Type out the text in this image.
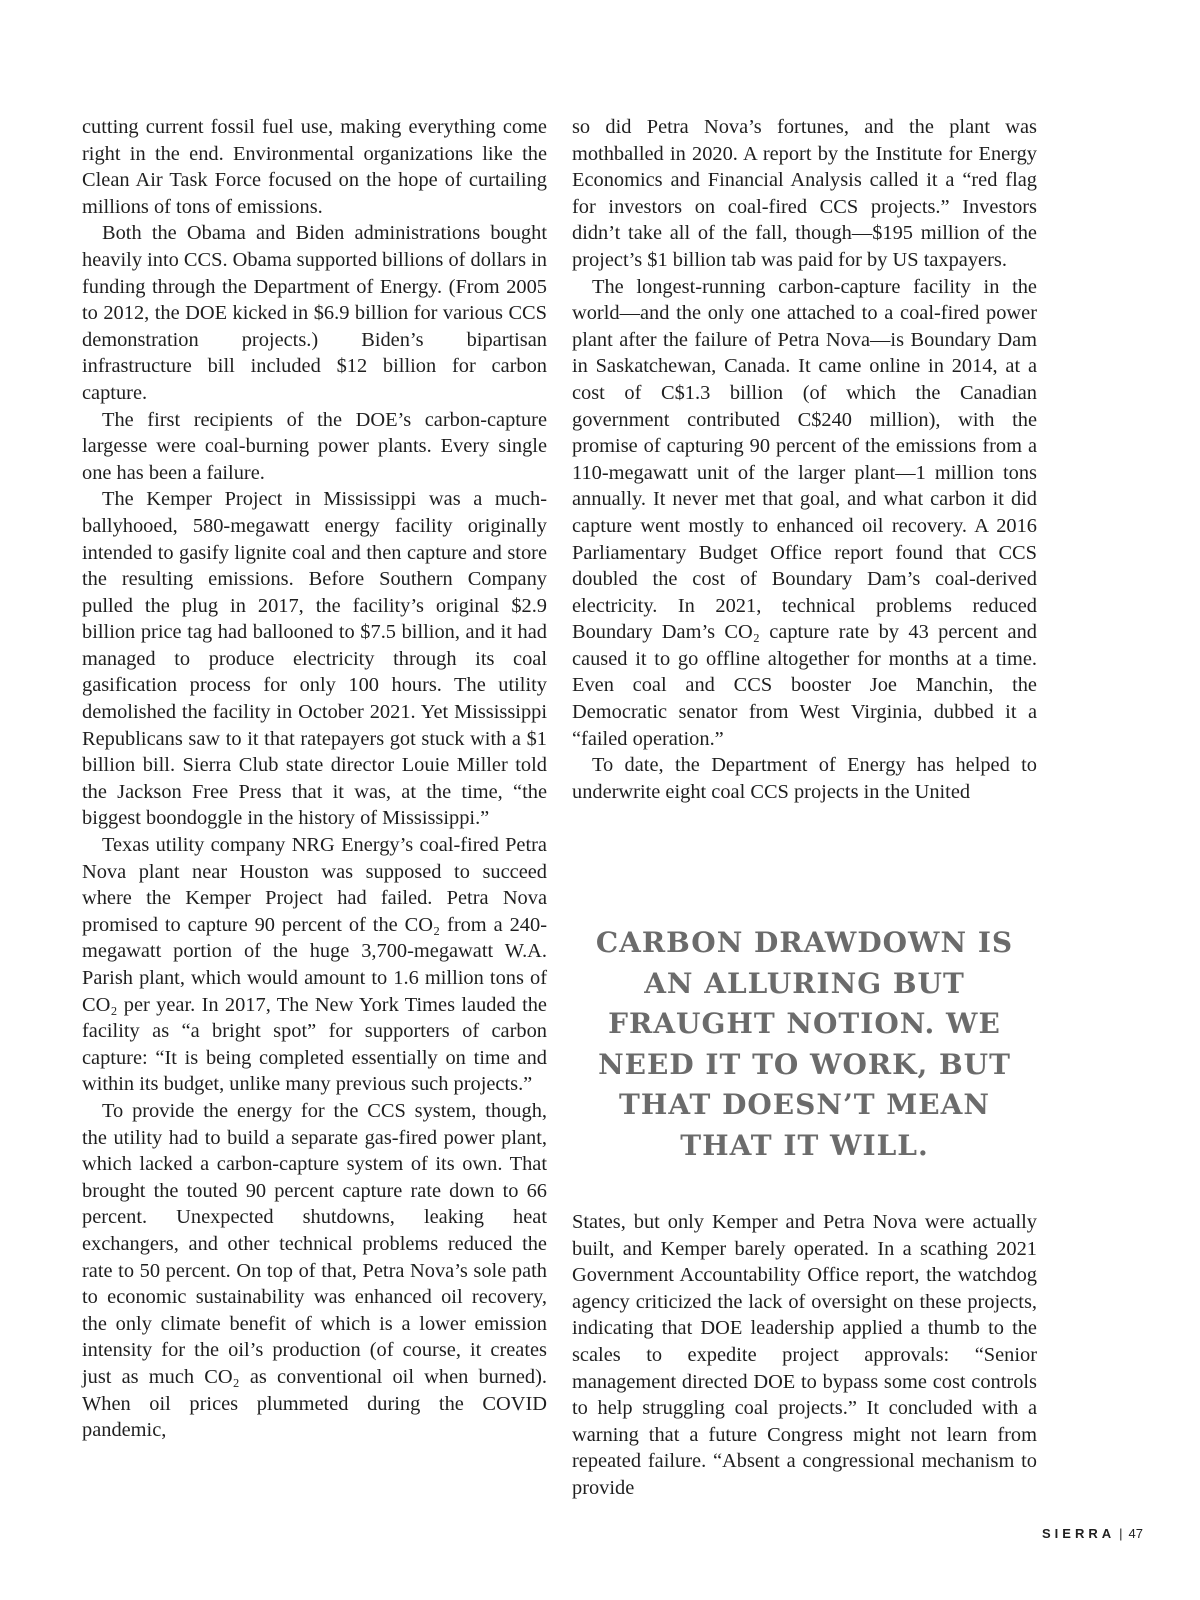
cutting current fossil fuel use, making everything come right in the end. Environmental organizations like the Clean Air Task Force focused on the hope of curtailing millions of tons of emissions.

Both the Obama and Biden administrations bought heavily into CCS. Obama supported billions of dollars in funding through the Department of Energy. (From 2005 to 2012, the DOE kicked in $6.9 billion for various CCS demonstration projects.) Biden’s bipartisan infrastructure bill included $12 billion for carbon capture.

The first recipients of the DOE’s carbon-capture largesse were coal-burning power plants. Every single one has been a failure.

The Kemper Project in Mississippi was a much-ballyhooed, 580-megawatt energy facility originally intended to gasify lignite coal and then capture and store the resulting emissions. Before Southern Company pulled the plug in 2017, the facility’s original $2.9 billion price tag had ballooned to $7.5 billion, and it had managed to produce electricity through its coal gasification process for only 100 hours. The utility demolished the facility in October 2021. Yet Mississippi Republicans saw to it that ratepayers got stuck with a $1 billion bill. Sierra Club state director Louie Miller told the Jackson Free Press that it was, at the time, “the biggest boondoggle in the history of Mississippi.”

Texas utility company NRG Energy’s coal-fired Petra Nova plant near Houston was supposed to succeed where the Kemper Project had failed. Petra Nova promised to capture 90 percent of the CO₂ from a 240-megawatt portion of the huge 3,700-megawatt W.A. Parish plant, which would amount to 1.6 million tons of CO₂ per year. In 2017, The New York Times lauded the facility as “a bright spot” for supporters of carbon capture: “It is being completed essentially on time and within its budget, unlike many previous such projects.”

To provide the energy for the CCS system, though, the utility had to build a separate gas-fired power plant, which lacked a carbon-capture system of its own. That brought the touted 90 percent capture rate down to 66 percent. Unexpected shutdowns, leaking heat exchangers, and other technical problems reduced the rate to 50 percent. On top of that, Petra Nova’s sole path to economic sustainability was enhanced oil recovery, the only climate benefit of which is a lower emission intensity for the oil’s production (of course, it creates just as much CO₂ as conventional oil when burned). When oil prices plummeted during the COVID pandemic,

so did Petra Nova’s fortunes, and the plant was mothballed in 2020. A report by the Institute for Energy Economics and Financial Analysis called it a “red flag for investors on coal-fired CCS projects.” Investors didn’t take all of the fall, though—$195 million of the project’s $1 billion tab was paid for by US taxpayers.

The longest-running carbon-capture facility in the world—and the only one attached to a coal-fired power plant after the failure of Petra Nova—is Boundary Dam in Saskatchewan, Canada. It came online in 2014, at a cost of C$1.3 billion (of which the Canadian government contributed C$240 million), with the promise of capturing 90 percent of the emissions from a 110-megawatt unit of the larger plant—1 million tons annually. It never met that goal, and what carbon it did capture went mostly to enhanced oil recovery. A 2016 Parliamentary Budget Office report found that CCS doubled the cost of Boundary Dam’s coal-derived electricity. In 2021, technical problems reduced Boundary Dam’s CO₂ capture rate by 43 percent and caused it to go offline altogether for months at a time. Even coal and CCS booster Joe Manchin, the Democratic senator from West Virginia, dubbed it a “failed operation.”

To date, the Department of Energy has helped to underwrite eight coal CCS projects in the United

CARBON DRAWDOWN IS AN ALLURING BUT FRAUGHT NOTION. WE NEED IT TO WORK, BUT THAT DOESN’T MEAN THAT IT WILL.

States, but only Kemper and Petra Nova were actually built, and Kemper barely operated. In a scathing 2021 Government Accountability Office report, the watchdog agency criticized the lack of oversight on these projects, indicating that DOE leadership applied a thumb to the scales to expedite project approvals: “Senior management directed DOE to bypass some cost controls to help struggling coal projects.” It concluded with a warning that a future Congress might not learn from repeated failure. “Absent a congressional mechanism to provide

SIERRA | 47
